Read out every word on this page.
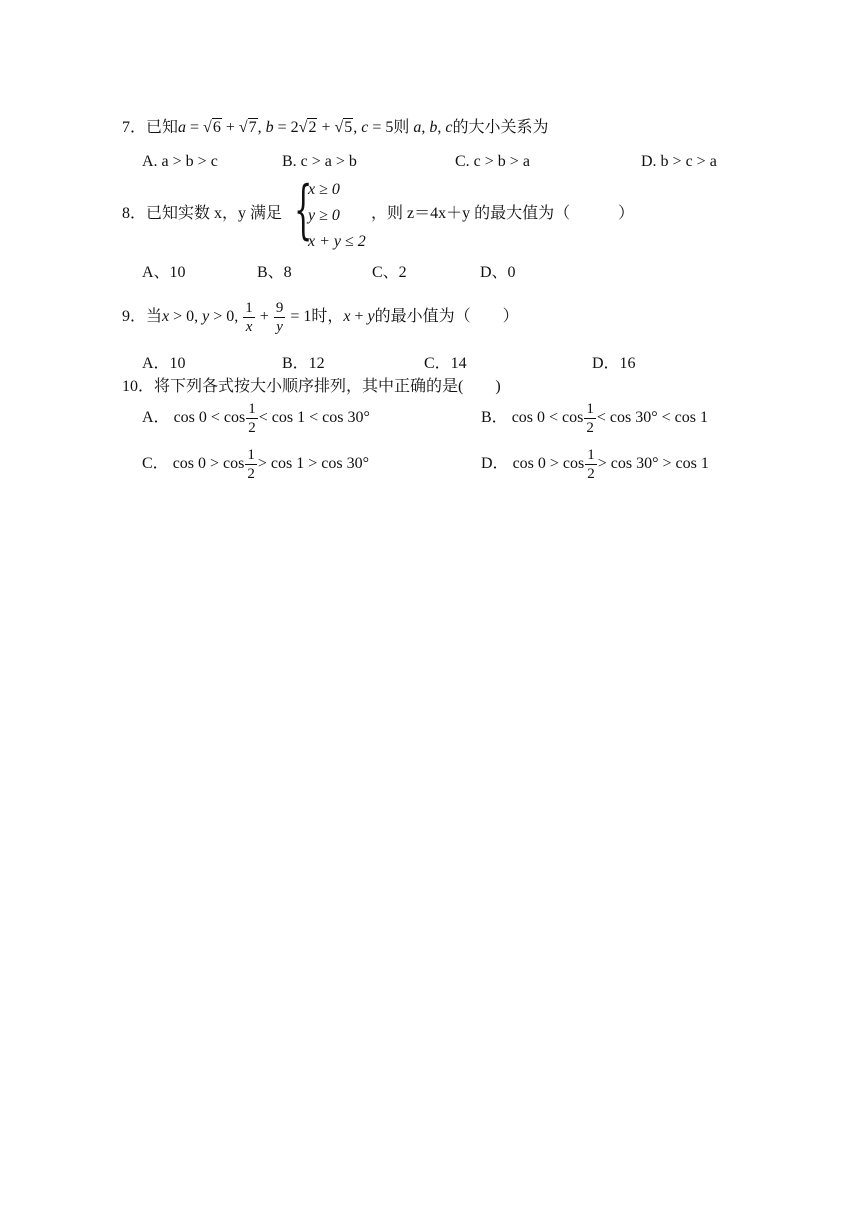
7．已知a = √6 + √7, b = 2√2 + √5, c = 5则 a, b, c的大小关系为
A. a > b > c	B. c > a > b	C. c > b > a	D. b > c > a
8．已知实数 x，y 满足 {
x ≥ 0
y ≥ 0
x + y ≤ 2
，则 z＝4x＋y 的最大值为（　　　）
A、10	B、8	C、2	D、0
9．当x > 0, y > 0, $\frac{1}{x} + \frac{9}{y} = 1$时，x + y的最小值为（　　）
A．10	B．12	C．14	D．16
10．将下列各式按大小顺序排列，其中正确的是(　　)
A． $\cos 0 < \cos \frac{1}{2} < \cos 1 < \cos 30^\circ$	B． $\cos 0 < \cos \frac{1}{2} < \cos 30^\circ < \cos 1$
C． $\cos 0 > \cos \frac{1}{2} > \cos 1 > \cos 30^\circ$	D． $\cos 0 > \cos \frac{1}{2} > \cos 30^\circ > \cos 1$
